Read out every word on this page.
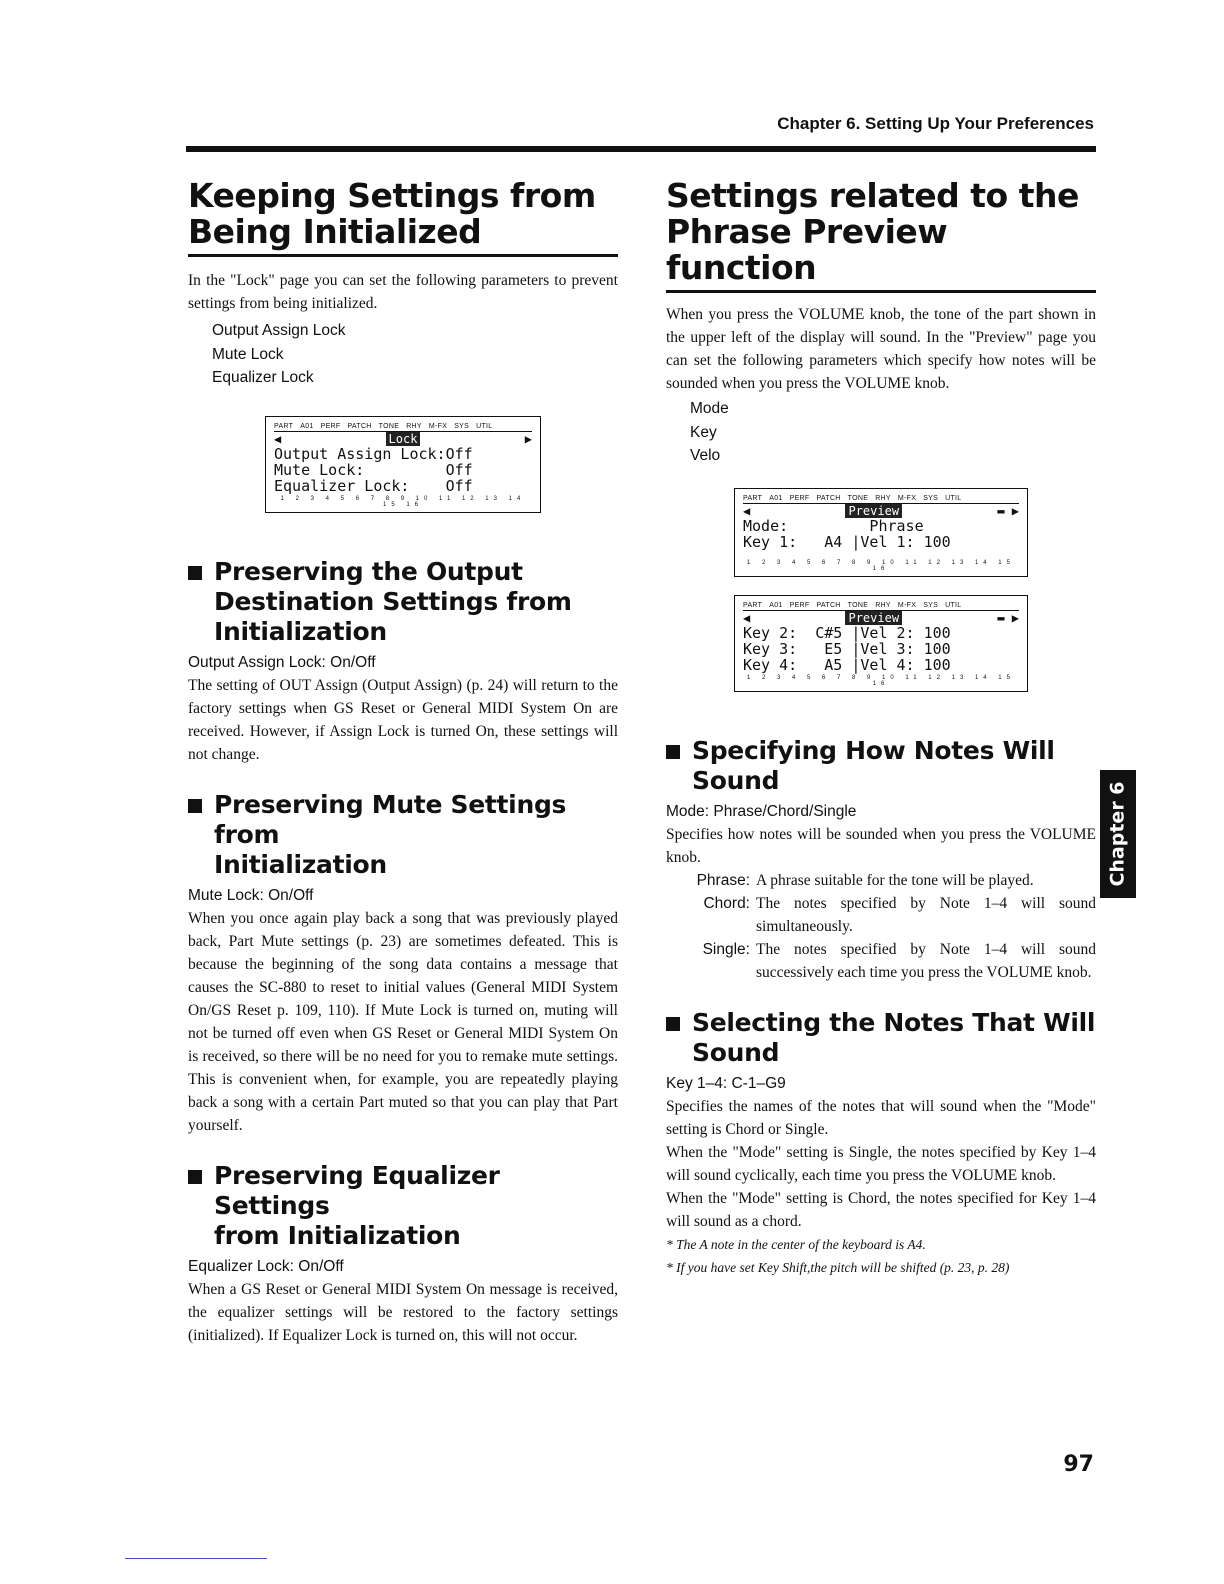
Chapter 6. Setting Up Your Preferences
Keeping Settings from
Being Initialized

In the "Lock" page you can set the following parameters to prevent settings from being initialized.

Output Assign Lock
Mute Lock
Equalizer Lock
PART A01 PERF PATCH TONE RHY M-FX SYS UTIL
◀	Lock	▶
Output Assign Lock:Off
Mute Lock:         Off
Equalizer Lock:    Off
1 2 3 4 5 6 7 8 9 10 11 12 13 14 15 16
Preserving the Output
Destination Settings from
Initialization

Output Assign Lock: On/Off

The setting of OUT Assign (Output Assign) (p. 24) will return to the factory settings when GS Reset or General MIDI System On are received. However, if Assign Lock is turned On, these settings will not change.

Preserving Mute Settings from
Initialization

Mute Lock: On/Off

When you once again play back a song that was previously played back, Part Mute settings (p. 23) are sometimes defeated. This is because the beginning of the song data contains a message that causes the SC-880 to reset to initial values (General MIDI System On/GS Reset p. 109, 110). If Mute Lock is turned on, muting will not be turned off even when GS Reset or General MIDI System On is received, so there will be no need for you to remake mute settings. This is convenient when, for example, you are repeatedly playing back a song with a certain Part muted so that you can play that Part yourself.

Preserving Equalizer Settings
from Initialization

Equalizer Lock: On/Off

When a GS Reset or General MIDI System On message is received, the equalizer settings will be restored to the factory settings (initialized). If Equalizer Lock is turned on, this will not occur.

Settings related to the
Phrase Preview function

When you press the VOLUME knob, the tone of the part shown in the upper left of the display will sound. In the "Preview" page you can set the following parameters which specify how notes will be sounded when you press the VOLUME knob.

Mode
Key
Velo
PART A01 PERF PATCH TONE RHY M-FX SYS UTIL
◀	Preview	▬ ▶
Mode:         Phrase
Key 1:   A4 |Vel 1: 100
1 2 3 4 5 6 7 8 9 10 11 12 13 14 15 16
PART A01 PERF PATCH TONE RHY M-FX SYS UTIL
◀	Preview	▬ ▶
Key 2:  C#5 |Vel 2: 100
Key 3:   E5 |Vel 3: 100
Key 4:   A5 |Vel 4: 100
1 2 3 4 5 6 7 8 9 10 11 12 13 14 15 16
Specifying How Notes Will
Sound

Mode: Phrase/Chord/Single

Specifies how notes will be sounded when you press the VOLUME knob.

Phrase: A phrase suitable for the tone will be played.
Chord: The notes specified by Note 1–4 will sound simultaneously.
Single: The notes specified by Note 1–4 will sound successively each time you press the VOLUME knob.
Selecting the Notes That Will
Sound

Key 1–4: C-1–G9

Specifies the names of the notes that will sound when the "Mode" setting is Chord or Single.

When the "Mode" setting is Single, the notes specified by Key 1–4 will sound cyclically, each time you press the VOLUME knob.

When the "Mode" setting is Chord, the notes specified for Key 1–4 will sound as a chord.

* The A note in the center of the keyboard is A4.

* If you have set Key Shift,the pitch will be shifted (p. 23, p. 28)

Chapter 6
97
